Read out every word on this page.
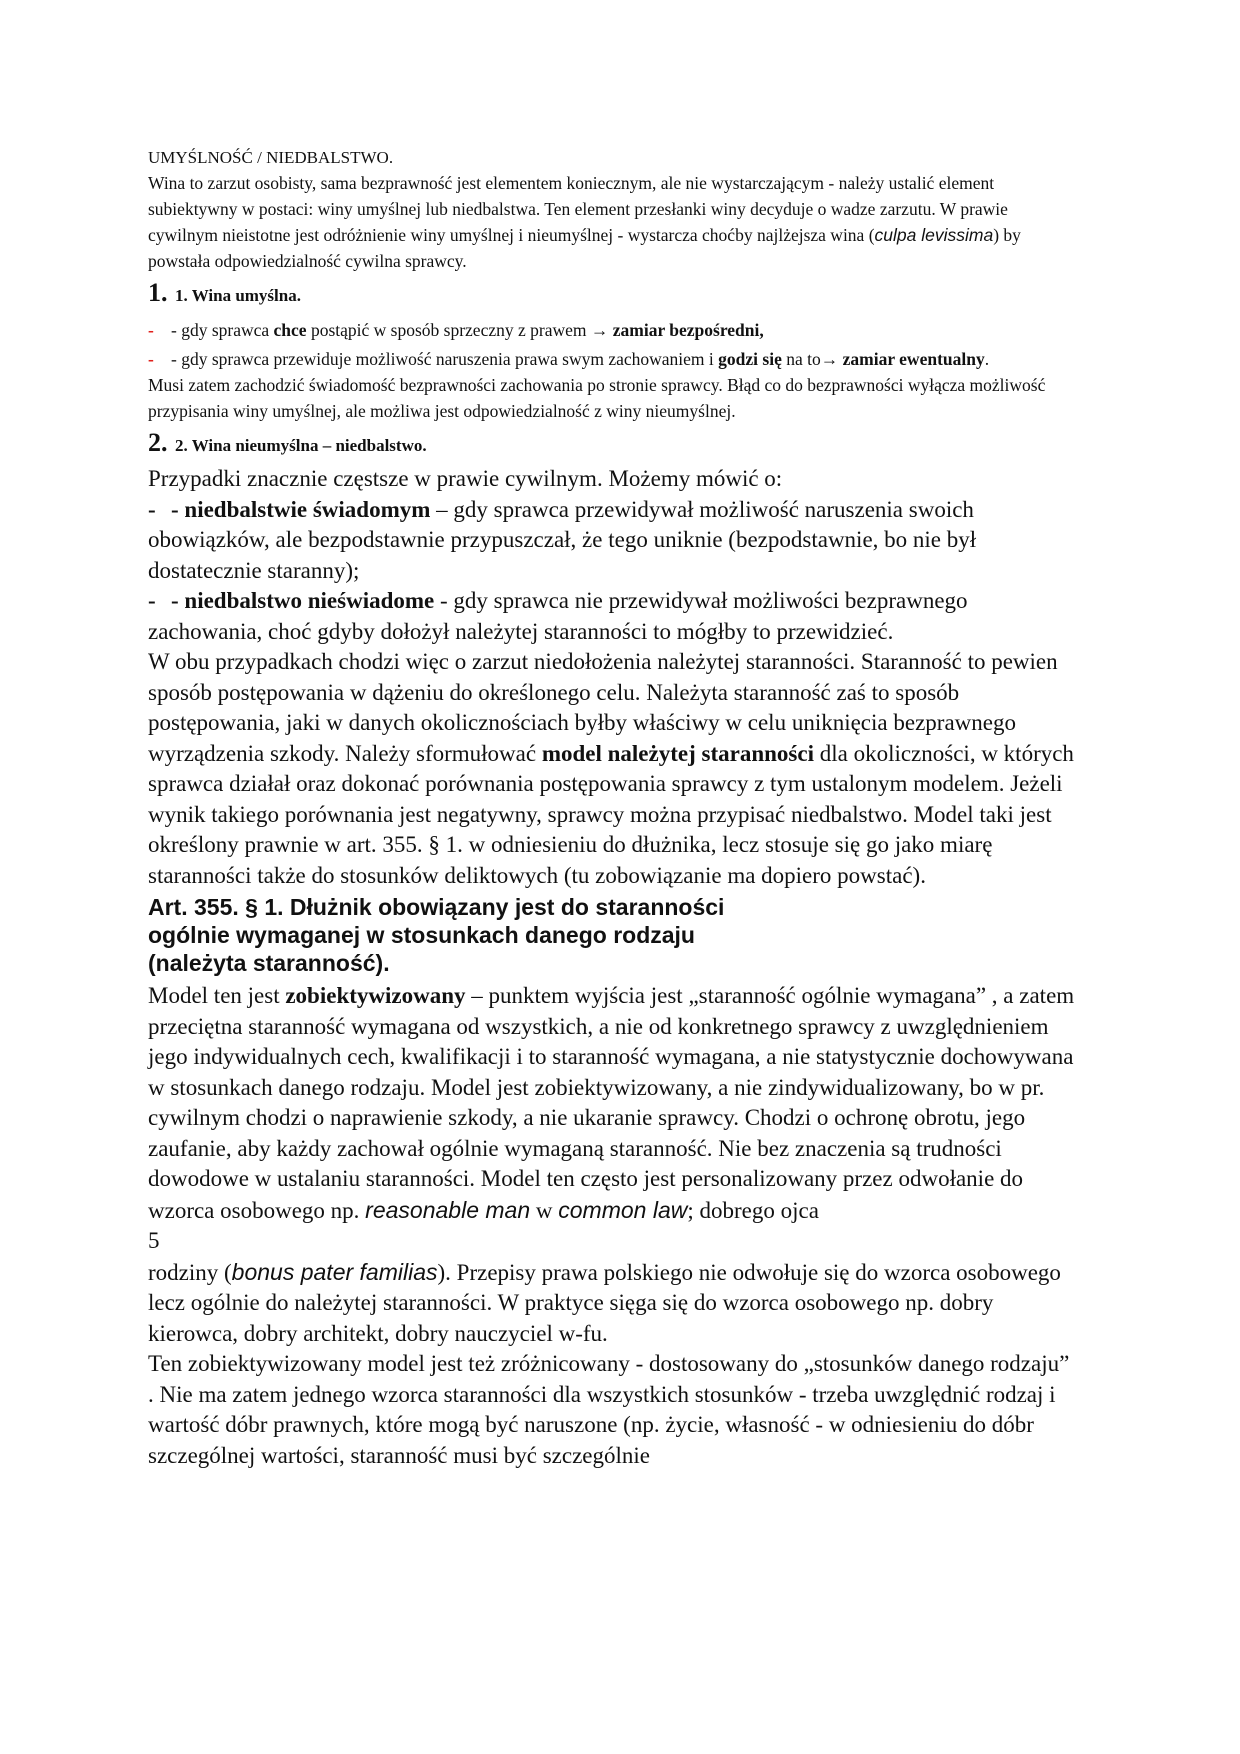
UMYŚLNOŚĆ / NIEDBALSTWO.

Wina to zarzut osobisty, sama bezprawność jest elementem koniecznym, ale nie wystarczającym - należy ustalić element subiektywny w postaci: winy umyślnej lub niedbalstwa. Ten element przesłanki winy decyduje o wadze zarzutu. W prawie cywilnym nieistotne jest odróżnienie winy umyślnej i nieumyślnej - wystarcza choćby najlżejsza wina (culpa levissima) by powstała odpowiedzialność cywilna sprawcy.

1. 1. Wina umyślna.

- - gdy sprawca chce postąpić w sposób sprzeczny z prawem → zamiar bezpośredni,

- - gdy sprawca przewiduje możliwość naruszenia prawa swym zachowaniem i godzi się na to→ zamiar ewentualny.

Musi zatem zachodzić świadomość bezprawności zachowania po stronie sprawcy. Błąd co do bezprawności wyłącza możliwość przypisania winy umyślnej, ale możliwa jest odpowiedzialność z winy nieumyślnej.

2. 2. Wina nieumyślna – niedbalstwo.

Przypadki znacznie częstsze w prawie cywilnym. Możemy mówić o:

- - niedbalstwie świadomym – gdy sprawca przewidywał możliwość naruszenia swoich obowiązków, ale bezpodstawnie przypuszczał, że tego uniknie (bezpodstawnie, bo nie był dostatecznie staranny);

- - niedbalstwo nieświadome - gdy sprawca nie przewidywał możliwości bezprawnego zachowania, choć gdyby dołożył należytej staranności to mógłby to przewidzieć.

W obu przypadkach chodzi więc o zarzut niedołożenia należytej staranności. Staranność to pewien sposób postępowania w dążeniu do określonego celu. Należyta staranność zaś to sposób postępowania, jaki w danych okolicznościach byłby właściwy w celu uniknięcia bezprawnego wyrządzenia szkody. Należy sformułować model należytej staranności dla okoliczności, w których sprawca działał oraz dokonać porównania postępowania sprawcy z tym ustalonym modelem. Jeżeli wynik takiego porównania jest negatywny, sprawcy można przypisać niedbalstwo. Model taki jest określony prawnie w art. 355. § 1. w odniesieniu do dłużnika, lecz stosuje się go jako miarę staranności także do stosunków deliktowych (tu zobowiązanie ma dopiero powstać).

Art. 355. § 1. Dłużnik obowiązany jest do staranności
ogólnie wymaganej w stosunkach danego rodzaju
(należyta staranność).

Model ten jest zobiektywizowany – punktem wyjścia jest „staranność ogólnie wymagana” , a zatem przeciętna staranność wymagana od wszystkich, a nie od konkretnego sprawcy z uwzględnieniem jego indywidualnych cech, kwalifikacji i to staranność wymagana, a nie statystycznie dochowywana w stosunkach danego rodzaju. Model jest zobiektywizowany, a nie zindywidualizowany, bo w pr. cywilnym chodzi o naprawienie szkody, a nie ukaranie sprawcy. Chodzi o ochronę obrotu, jego zaufanie, aby każdy zachował ogólnie wymaganą staranność. Nie bez znaczenia są trudności dowodowe w ustalaniu staranności. Model ten często jest personalizowany przez odwołanie do wzorca osobowego np. reasonable man w common law; dobrego ojca

5

rodziny (bonus pater familias). Przepisy prawa polskiego nie odwołuje się do wzorca osobowego lecz ogólnie do należytej staranności. W praktyce sięga się do wzorca osobowego np. dobry kierowca, dobry architekt, dobry nauczyciel w-fu.

Ten zobiektywizowany model jest też zróżnicowany - dostosowany do „stosunków danego rodzaju” . Nie ma zatem jednego wzorca staranności dla wszystkich stosunków - trzeba uwzględnić rodzaj i wartość dóbr prawnych, które mogą być naruszone (np. życie, własność - w odniesieniu do dóbr szczególnej wartości, staranność musi być szczególnie
